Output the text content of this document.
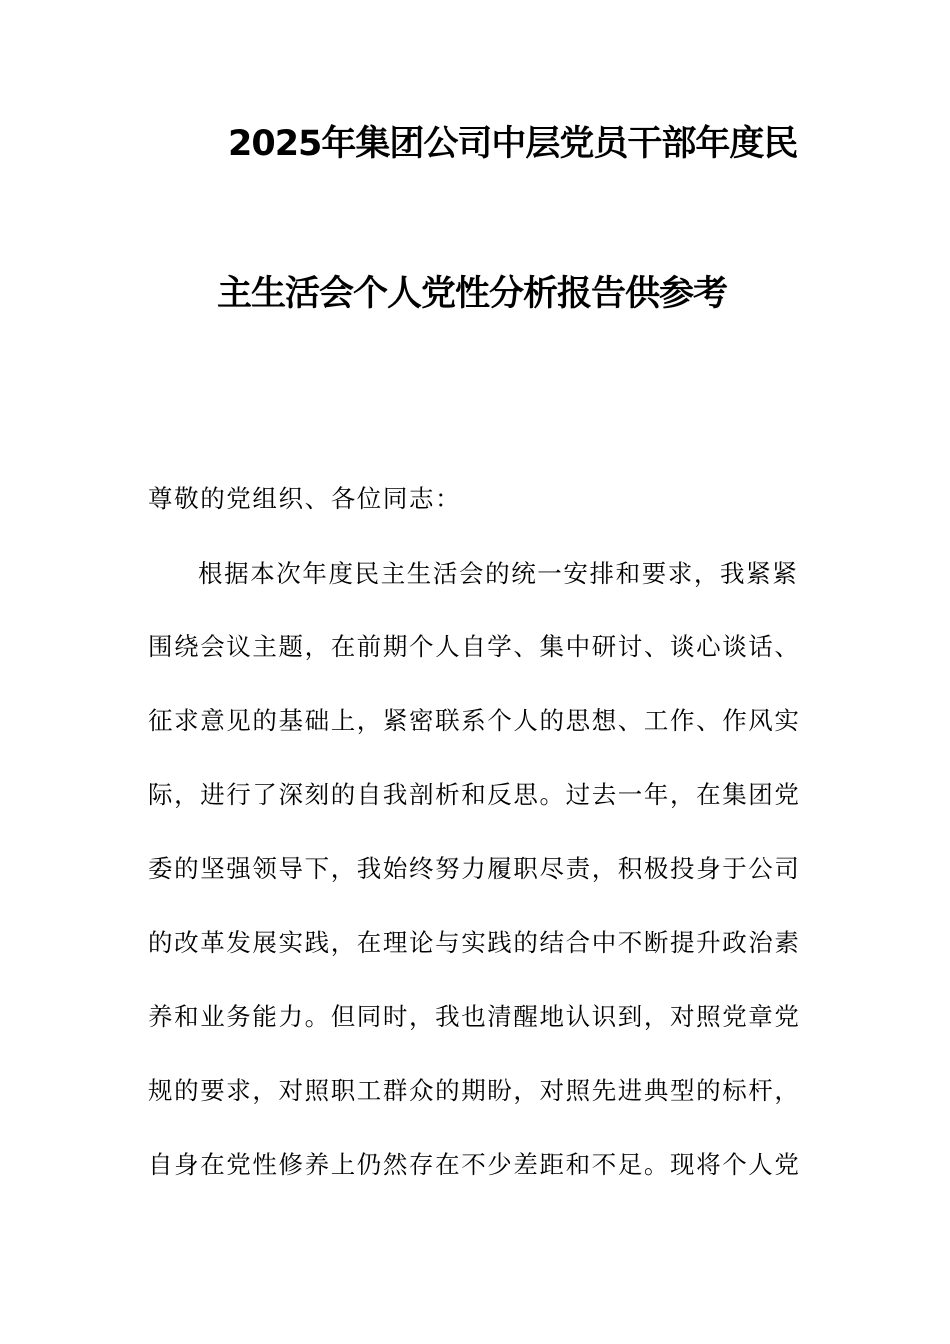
2025年集团公司中层党员干部年度民
主生活会个人党性分析报告供参考
尊敬的党组织、各位同志：
根据本次年度民主生活会的统一安排和要求，我紧紧
围绕会议主题，在前期个人自学、集中研讨、谈心谈话、
征求意见的基础上，紧密联系个人的思想、工作、作风实
际，进行了深刻的自我剖析和反思。过去一年，在集团党
委的坚强领导下，我始终努力履职尽责，积极投身于公司
的改革发展实践，在理论与实践的结合中不断提升政治素
养和业务能力。但同时，我也清醒地认识到，对照党章党
规的要求，对照职工群众的期盼，对照先进典型的标杆，
自身在党性修养上仍然存在不少差距和不足。现将个人党
